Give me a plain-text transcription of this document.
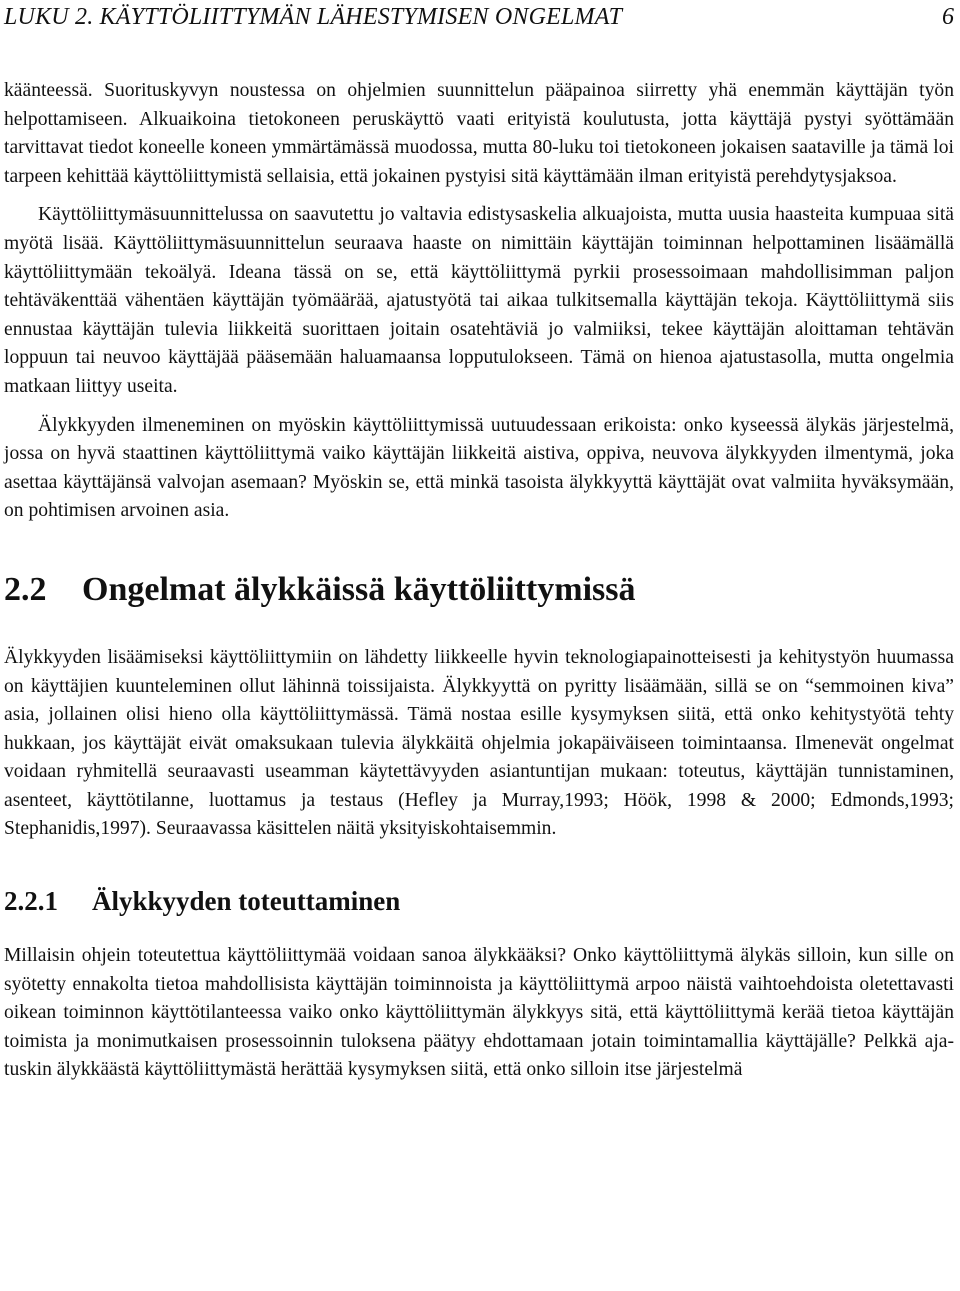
LUKU 2. KÄYTTÖLIITTYMÄN LÄHESTYMISEN ONGELMAT	6

käänteessä. Suorituskyvyn noustessa on ohjelmien suunnittelun pääpainoa siirretty yhä enemmän käyttäjän työn helpottamiseen. Alkuaikoina tietokoneen peruskäyttö vaati erityistä koulutusta, jotta käyttäjä pystyi syöttämään tarvittavat tiedot koneelle koneen ymmärtämässä muodossa, mutta 80-luku toi tietokoneen jokaisen saataville ja tämä loi tarpeen kehittää käyttöliittymistä sellaisia, että jokainen pystyisi sitä käyttämään ilman erityistä perehdytysjaksoa.

Käyttöliittymäsuunnittelussa on saavutettu jo valtavia edistysaskelia alkuajoista, mutta uusia haasteita kumpuaa sitä myötä lisää. Käyttöliittymäsuunnittelun seuraava haaste on nimittäin käyttäjän toiminnan helpottaminen lisäämällä käyttöliittymään tekoälyä. Ideana tässä on se, että käyttöliittymä pyrkii prosessoimaan mahdollisimman paljon tehtäväkenttää vähentäen käyttäjän työmäärää, ajatustyötä tai aikaa tulkitsemalla käyttäjän tekoja. Käyttöliittymä siis ennustaa käyttäjän tulevia liikkeitä suorittaen joitain osatehtäviä jo valmiiksi, tekee käyttäjän aloittaman tehtävän loppuun tai neuvoo käyttäjää pääsemään haluamaansa lopputulokseen. Tämä on hienoa ajatustasolla, mutta ongelmia matkaan liittyy useita.

Älykkyyden ilmeneminen on myöskin käyttöliittymissä uutuudessaan erikoista: onko kyseessä älykäs järjestelmä, jossa on hyvä staattinen käyttöliittymä vaiko käyttäjän liikkeitä aistiva, oppiva, neuvova älykkyyden ilmentymä, joka asettaa käyttäjänsä valvojan asemaan? Myöskin se, että minkä tasoista älykkyyttä käyttäjät ovat valmiita hyväksymään, on pohtimisen arvoinen asia.

2.2 Ongelmat älykkäissä käyttöliittymissä

Älykkyyden lisäämiseksi käyttöliittymiin on lähdetty liikkeelle hyvin teknologiapainotteisesti ja kehitystyön huumassa on käyttäjien kuunteleminen ollut lähinnä toissijaista. Älykkyyttä on pyritty lisäämään, sillä se on “semmoinen kiva” asia, jollainen olisi hieno olla käyttöliittymässä. Tämä nostaa esille kysymyksen siitä, että onko kehitystyötä tehty hukkaan, jos käyttäjät eivät omaksukaan tulevia älykkäitä ohjelmia jokapäiväiseen toimintaansa. Ilmenevät ongelmat voidaan ryhmitellä seuraavasti useamman käytettävyyden asiantuntijan mukaan: toteutus, käyttäjän tunnistaminen, asenteet, käyttötilanne, luottamus ja testaus (Hefley ja Murray,1993; Höök, 1998 & 2000; Edmonds,1993; Stephanidis,1997). Seuraavassa käsittelen näitä yksityiskohtaisemmin.

2.2.1 Älykkyyden toteuttaminen

Millaisin ohjein toteutettua käyttöliittymää voidaan sanoa älykkääksi? Onko käyttöliittymä älykäs silloin, kun sille on syötetty ennakolta tietoa mahdollisista käyttäjän toiminnoista ja käyttöliittymä arpoo näistä vaihtoehdoista oletettavasti oikean toiminnon käyttötilanteessa vaiko onko käyttöliittymän älykkyys sitä, että käyttöliittymä kerää tietoa käyttäjän toimista ja monimutkaisen prosessoinnin tuloksena päätyy ehdottamaan jotain toimintamallia käyttäjälle? Pelkkä ajatuskin älykkäästä käyttöliittymästä herättää kysymyksen siitä, että onko silloin itse järjestelmä
